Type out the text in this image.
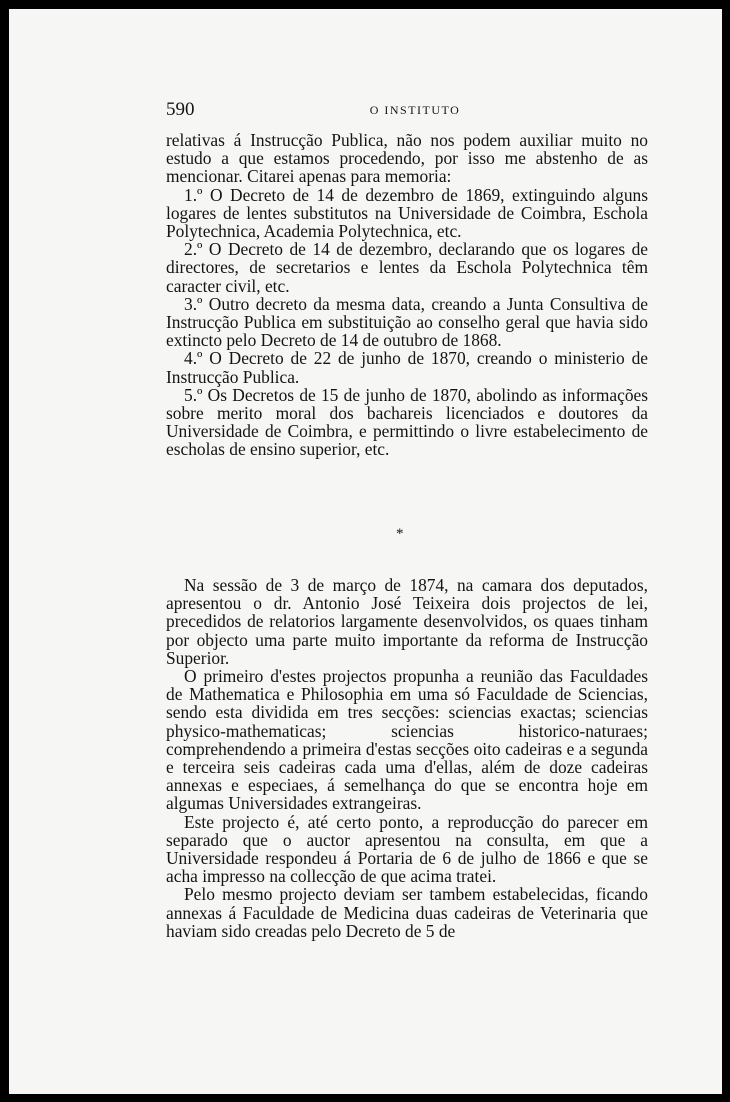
590	O INSTITUTO

relativas á Instrucção Publica, não nos podem auxiliar muito no estudo a que estamos procedendo, por isso me abstenho de as mencionar. Citarei apenas para memoria:

1.º O Decreto de 14 de dezembro de 1869, extinguindo alguns logares de lentes substitutos na Universidade de Coimbra, Eschola Polytechnica, Academia Polytechnica, etc.

2.º O Decreto de 14 de dezembro, declarando que os logares de directores, de secretarios e lentes da Eschola Polytechnica têm caracter civil, etc.

3.º Outro decreto da mesma data, creando a Junta Consultiva de Instrucção Publica em substituição ao conselho geral que havia sido extincto pelo Decreto de 14 de outubro de 1868.

4.º O Decreto de 22 de junho de 1870, creando o ministerio de Instrucção Publica.

5.º Os Decretos de 15 de junho de 1870, abolindo as informações sobre merito moral dos bachareis licenciados e doutores da Universidade de Coimbra, e permittindo o livre estabelecimento de escholas de ensino superior, etc.

*

Na sessão de 3 de março de 1874, na camara dos deputados, apresentou o dr. Antonio José Teixeira dois projectos de lei, precedidos de relatorios largamente desenvolvidos, os quaes tinham por objecto uma parte muito importante da reforma de Instrucção Superior.

O primeiro d'estes projectos propunha a reunião das Faculdades de Mathematica e Philosophia em uma só Faculdade de Sciencias, sendo esta dividida em tres secções: sciencias exactas; sciencias physico-mathematicas; sciencias historico-naturaes; comprehendendo a primeira d'estas secções oito cadeiras e a segunda e terceira seis cadeiras cada uma d'ellas, além de doze cadeiras annexas e especiaes, á semelhança do que se encontra hoje em algumas Universidades extrangeiras.

Este projecto é, até certo ponto, a reproducção do parecer em separado que o auctor apresentou na consulta, em que a Universidade respondeu á Portaria de 6 de julho de 1866 e que se acha impresso na collecção de que acima tratei.

Pelo mesmo projecto deviam ser tambem estabelecidas, ficando annexas á Faculdade de Medicina duas cadeiras de Veterinaria que haviam sido creadas pelo Decreto de 5 de
